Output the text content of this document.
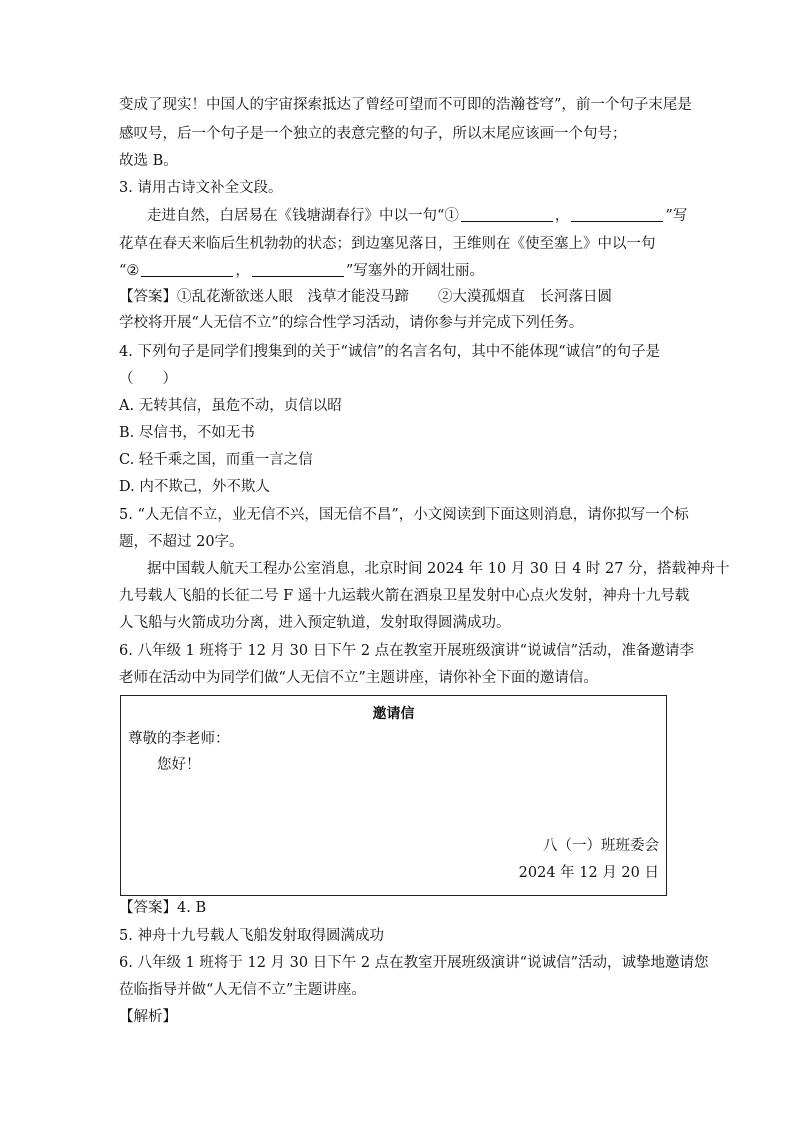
变成了现实！中国人的宇宙探索抵达了曾经可望而不可即的浩瀚苍穹”，前一个句子末尾是
感叹号，后一个句子是一个独立的表意完整的句子，所以末尾应该画一个句号；
故选 B。
3. 请用古诗文补全文段。
走进自然，白居易在《钱塘湖春行》中以一句“①	，	”写
花草在春天来临后生机勃勃的状态；到边塞见落日，王维则在《使至塞上》中以一句
“②	，	”写塞外的开阔壮丽。
【答案】①乱花渐欲迷人眼　浅草才能没马蹄　　②大漠孤烟直　长河落日圆
学校将开展“人无信不立”的综合性学习活动，请你参与并完成下列任务。
4. 下列句子是同学们搜集到的关于“诚信”的名言名句，其中不能体现“诚信”的句子是
（　　）
A. 无转其信，虽危不动，贞信以昭
B. 尽信书，不如无书
C. 轻千乘之国，而重一言之信
D. 内不欺己，外不欺人
5. “人无信不立，业无信不兴，国无信不昌”，小文阅读到下面这则消息，请你拟写一个标
题，不超过 20字。
据中国载人航天工程办公室消息，北京时间 2024 年 10 月 30 日 4 时 27 分，搭载神舟十
九号载人飞船的长征二号 F 遥十九运载火箭在酒泉卫星发射中心点火发射，神舟十九号载
人飞船与火箭成功分离，进入预定轨道，发射取得圆满成功。
6. 八年级 1 班将于 12 月 30 日下午 2 点在教室开展班级演讲“说诚信”活动，准备邀请李
老师在活动中为同学们做“人无信不立”主题讲座，请你补全下面的邀请信。
邀请信
尊敬的李老师：
您好！
八（一）班班委会
2024 年 12 月 20 日
【答案】4. B
5. 神舟十九号载人飞船发射取得圆满成功
6. 八年级 1 班将于 12 月 30 日下午 2 点在教室开展班级演讲“说诚信”活动，诚挚地邀请您
莅临指导并做“人无信不立”主题讲座。
【解析】
